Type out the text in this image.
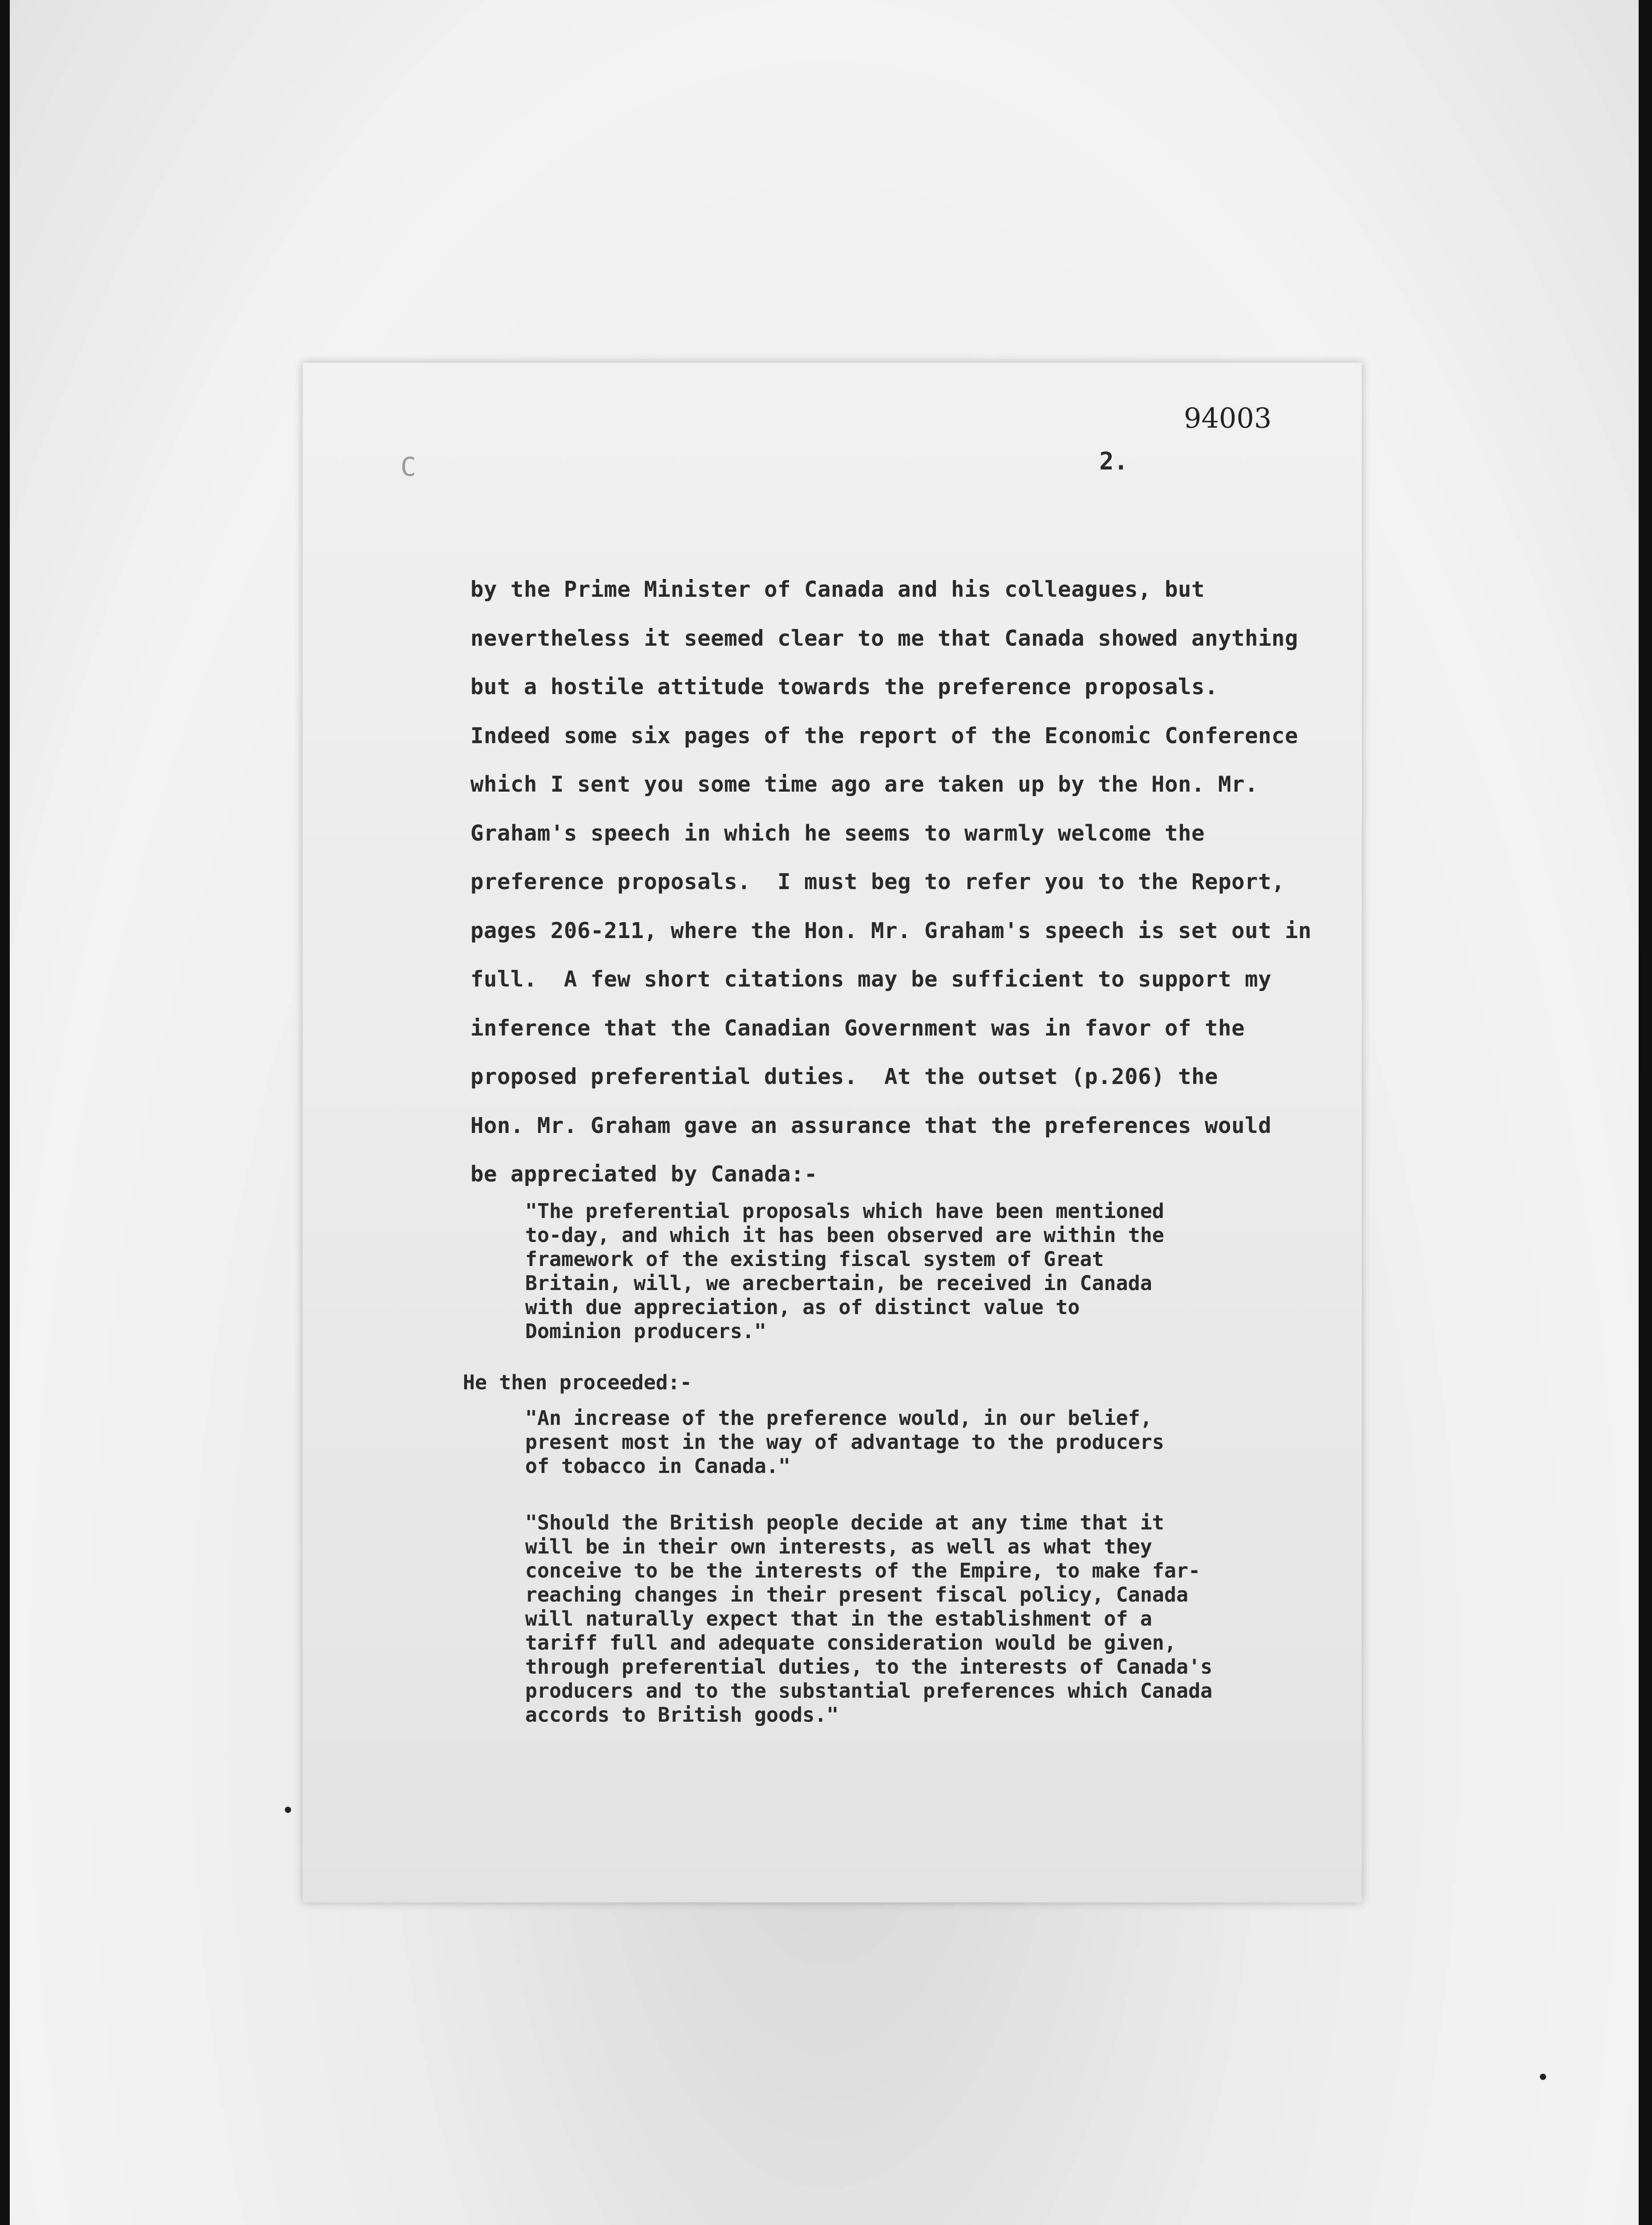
94003
C	2.
by the Prime Minister of Canada and his colleagues, but
nevertheless it seemed clear to me that Canada showed anything
but a hostile attitude towards the preference proposals.
Indeed some six pages of the report of the Economic Conference
which I sent you some time ago are taken up by the Hon. Mr.
Graham's speech in which he seems to warmly welcome the
preference proposals.  I must beg to refer you to the Report,
pages 206-211, where the Hon. Mr. Graham's speech is set out in
full.  A few short citations may be sufficient to support my
inference that the Canadian Government was in favor of the
proposed preferential duties.  At the outset (p.206) the
Hon. Mr. Graham gave an assurance that the preferences would
be appreciated by Canada:-
"The preferential proposals which have been mentioned
to-day, and which it has been observed are within the
framework of the existing fiscal system of Great
Britain, will, we arecbertain, be received in Canada
with due appreciation, as of distinct value to
Dominion producers."
He then proceeded:-
"An increase of the preference would, in our belief,
present most in the way of advantage to the producers
of tobacco in Canada."
"Should the British people decide at any time that it
will be in their own interests, as well as what they
conceive to be the interests of the Empire, to make far-
reaching changes in their present fiscal policy, Canada
will naturally expect that in the establishment of a
tariff full and adequate consideration would be given,
through preferential duties, to the interests of Canada's
producers and to the substantial preferences which Canada
accords to British goods."
